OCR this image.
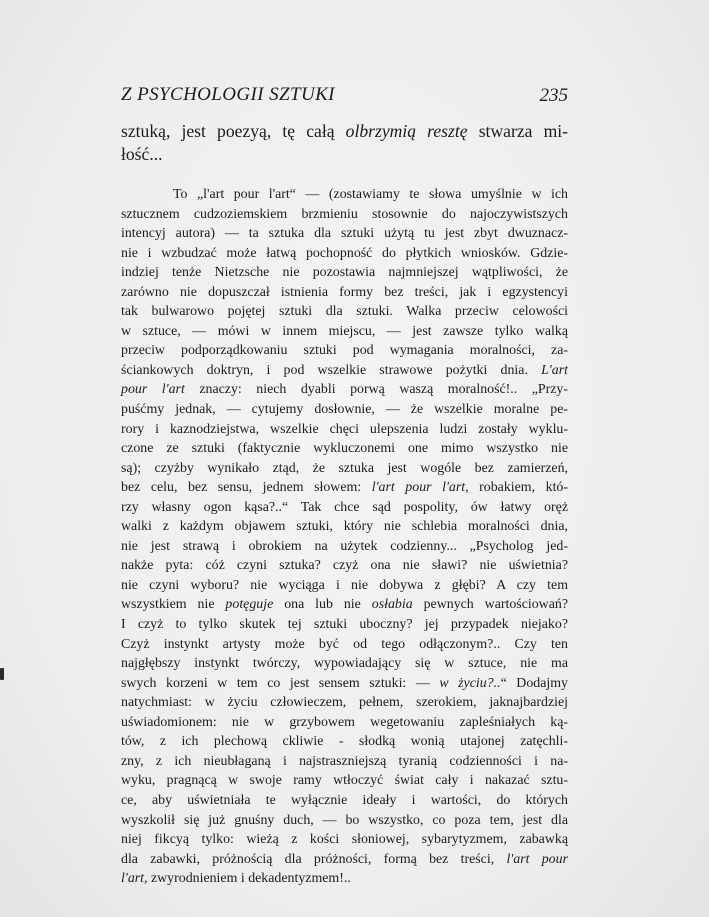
Z PSYCHOLOGII SZTUKI	235
sztuką, jest poezyą, tę całą olbrzymią resztę stwarza mi-
łość...
To „l'art pour l'art“ — (zostawiamy te słowa umyślnie w ich
sztucznem cudzoziemskiem brzmieniu stosownie do najoczywistszych
intencyj autora) — ta sztuka dla sztuki użytą tu jest zbyt dwuznacz-
nie i wzbudzać może łatwą pochopność do płytkich wniosków. Gdzie-
indziej tenże Nietzsche nie pozostawia najmniejszej wątpliwości, że
zarówno nie dopuszczał istnienia formy bez treści, jak i egzystencyi
tak bulwarowo pojętej sztuki dla sztuki. Walka przeciw celowości
w sztuce, — mówi w innem miejscu, — jest zawsze tylko walką
przeciw podporządkowaniu sztuki pod wymagania moralności, za-
ściankowych doktryn, i pod wszelkie strawowe pożytki dnia. L'art
pour l'art znaczy: niech dyabli porwą waszą moralność!.. „Przy-
puśćmy jednak, — cytujemy dosłownie, — że wszelkie moralne pe-
rory i kaznodziejstwa, wszelkie chęci ulepszenia ludzi zostały wyklu-
czone ze sztuki (faktycznie wykluczonemi one mimo wszystko nie
są); czyżby wynikało ztąd, że sztuka jest wogóle bez zamierzeń,
bez celu, bez sensu, jednem słowem: l'art pour l'art, robakiem, któ-
rzy własny ogon kąsa?..“ Tak chce sąd pospolity, ów łatwy oręż
walki z każdym objawem sztuki, który nie schlebia moralności dnia,
nie jest strawą i obrokiem na użytek codzienny... „Psycholog jed-
nakże pyta: cóż czyni sztuka? czyż ona nie sławi? nie uświetnia?
nie czyni wyboru? nie wyciąga i nie dobywa z głębi? A czy tem
wszystkiem nie potęguje ona lub nie osłabia pewnych wartościowań?
I czyż to tylko skutek tej sztuki uboczny? jej przypadek niejako?
Czyż instynkt artysty może być od tego odłączonym?.. Czy ten
najgłębszy instynkt twórczy, wypowiadający się w sztuce, nie ma
swych korzeni w tem co jest sensem sztuki: — w życiu?..“ Dodajmy
natychmiast: w życiu człowieczem, pełnem, szerokiem, jaknajbardziej
uświadomionem: nie w grzybowem wegetowaniu zapleśniałych ką-
tów, z ich plechową ckliwie - słodką wonią utajonej zatęchli-
zny, z ich nieubłaganą i najstraszniejszą tyranią codzienności i na-
wyku, pragnącą w swoje ramy wtłoczyć świat cały i nakazać sztu-
ce, aby uświetniała te wyłącznie ideały i wartości, do których
wyszkolił się już gnuśny duch, — bo wszystko, co poza tem, jest dla
niej fikcyą tylko: wieżą z kości słoniowej, sybarytyzmem, zabawką
dla zabawki, próżnością dla próżności, formą bez treści, l'art pour
l'art, zwyrodnieniem i dekadentyzmem!..
